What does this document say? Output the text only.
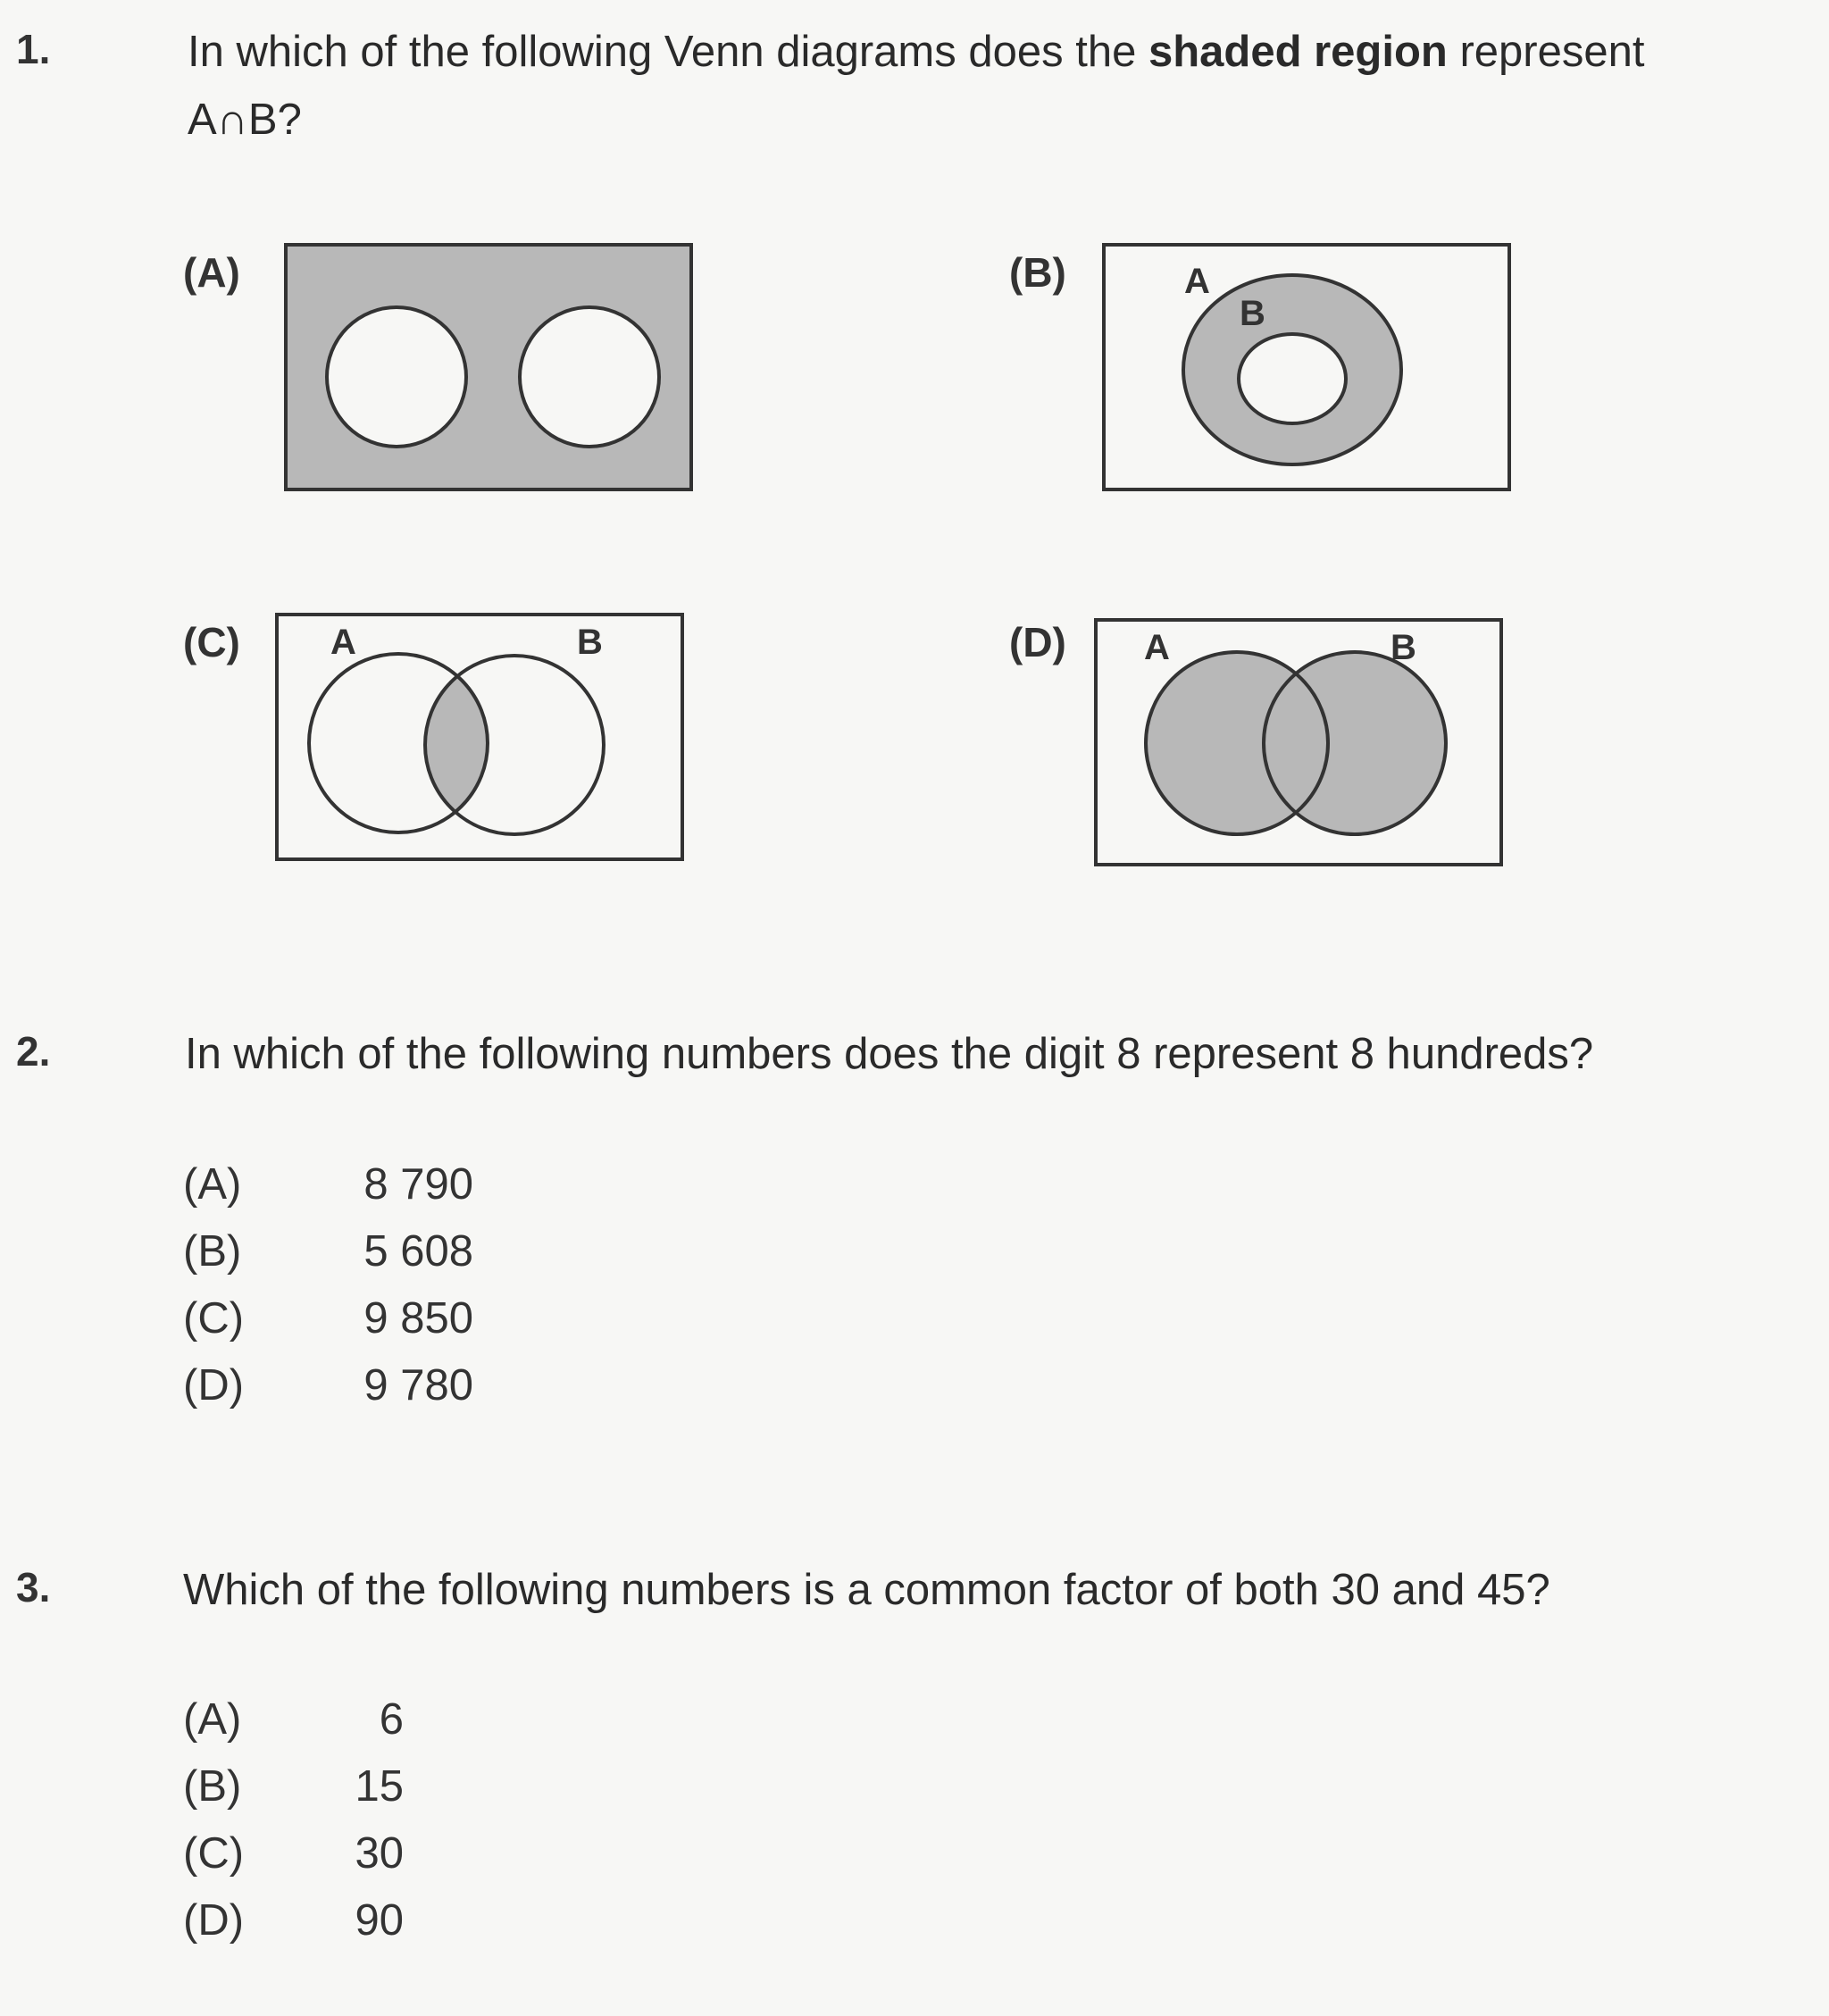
1.	In which of the following Venn diagrams does the shaded region represent
A∩B?
(A)	(B)	A
B
(C)	A	B	(D) A	B
2.	In which of the following numbers does the digit 8 represent 8 hundreds?
(A)	8 790
(B)	5 608
(C)	9 850
(D)	9 780
3.	Which of the following numbers is a common factor of both 30 and 45?
(A)	6
(B)	15
(C)	30
(D)	90
